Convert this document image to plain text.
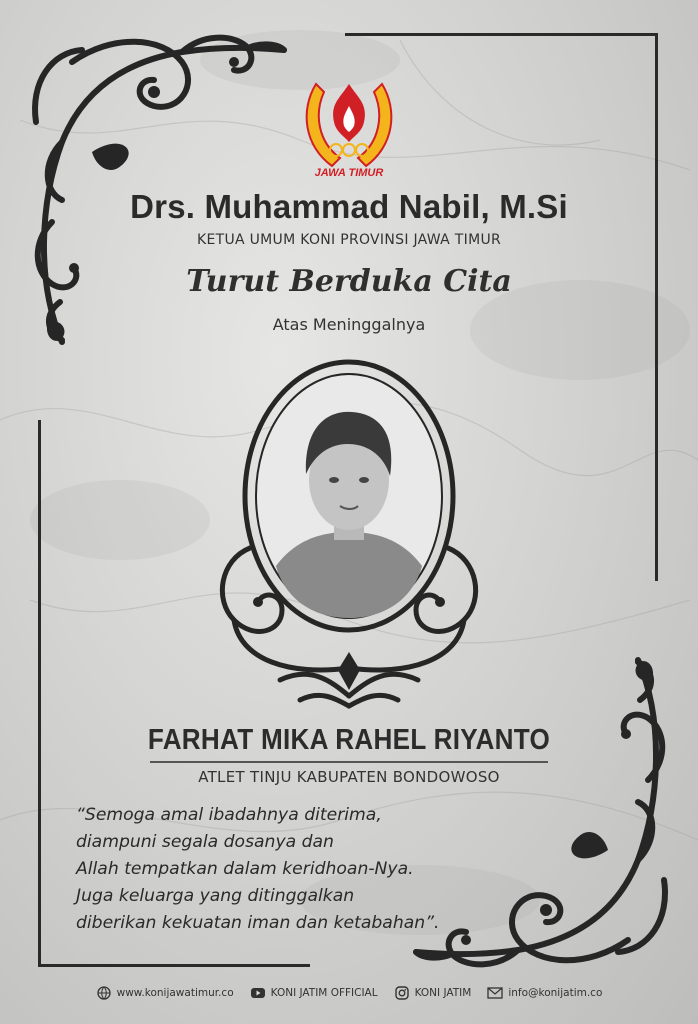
JAWA TIMUR
Drs. Muhammad Nabil, M.Si
KETUA UMUM KONI PROVINSI JAWA TIMUR
Turut Berduka Cita
Atas Meninggalnya
FARHAT MIKA RAHEL RIYANTO
ATLET TINJU KABUPATEN BONDOWOSO
“Semoga amal ibadahnya diterima,
diampuni segala dosanya dan
Allah tempatkan dalam keridhoan-Nya.
Juga keluarga yang ditinggalkan
diberikan kekuatan iman dan ketabahan”.
www.konijawatimur.co	KONI JATIM OFFICIAL	KONI JATIM	info@konijatim.co
